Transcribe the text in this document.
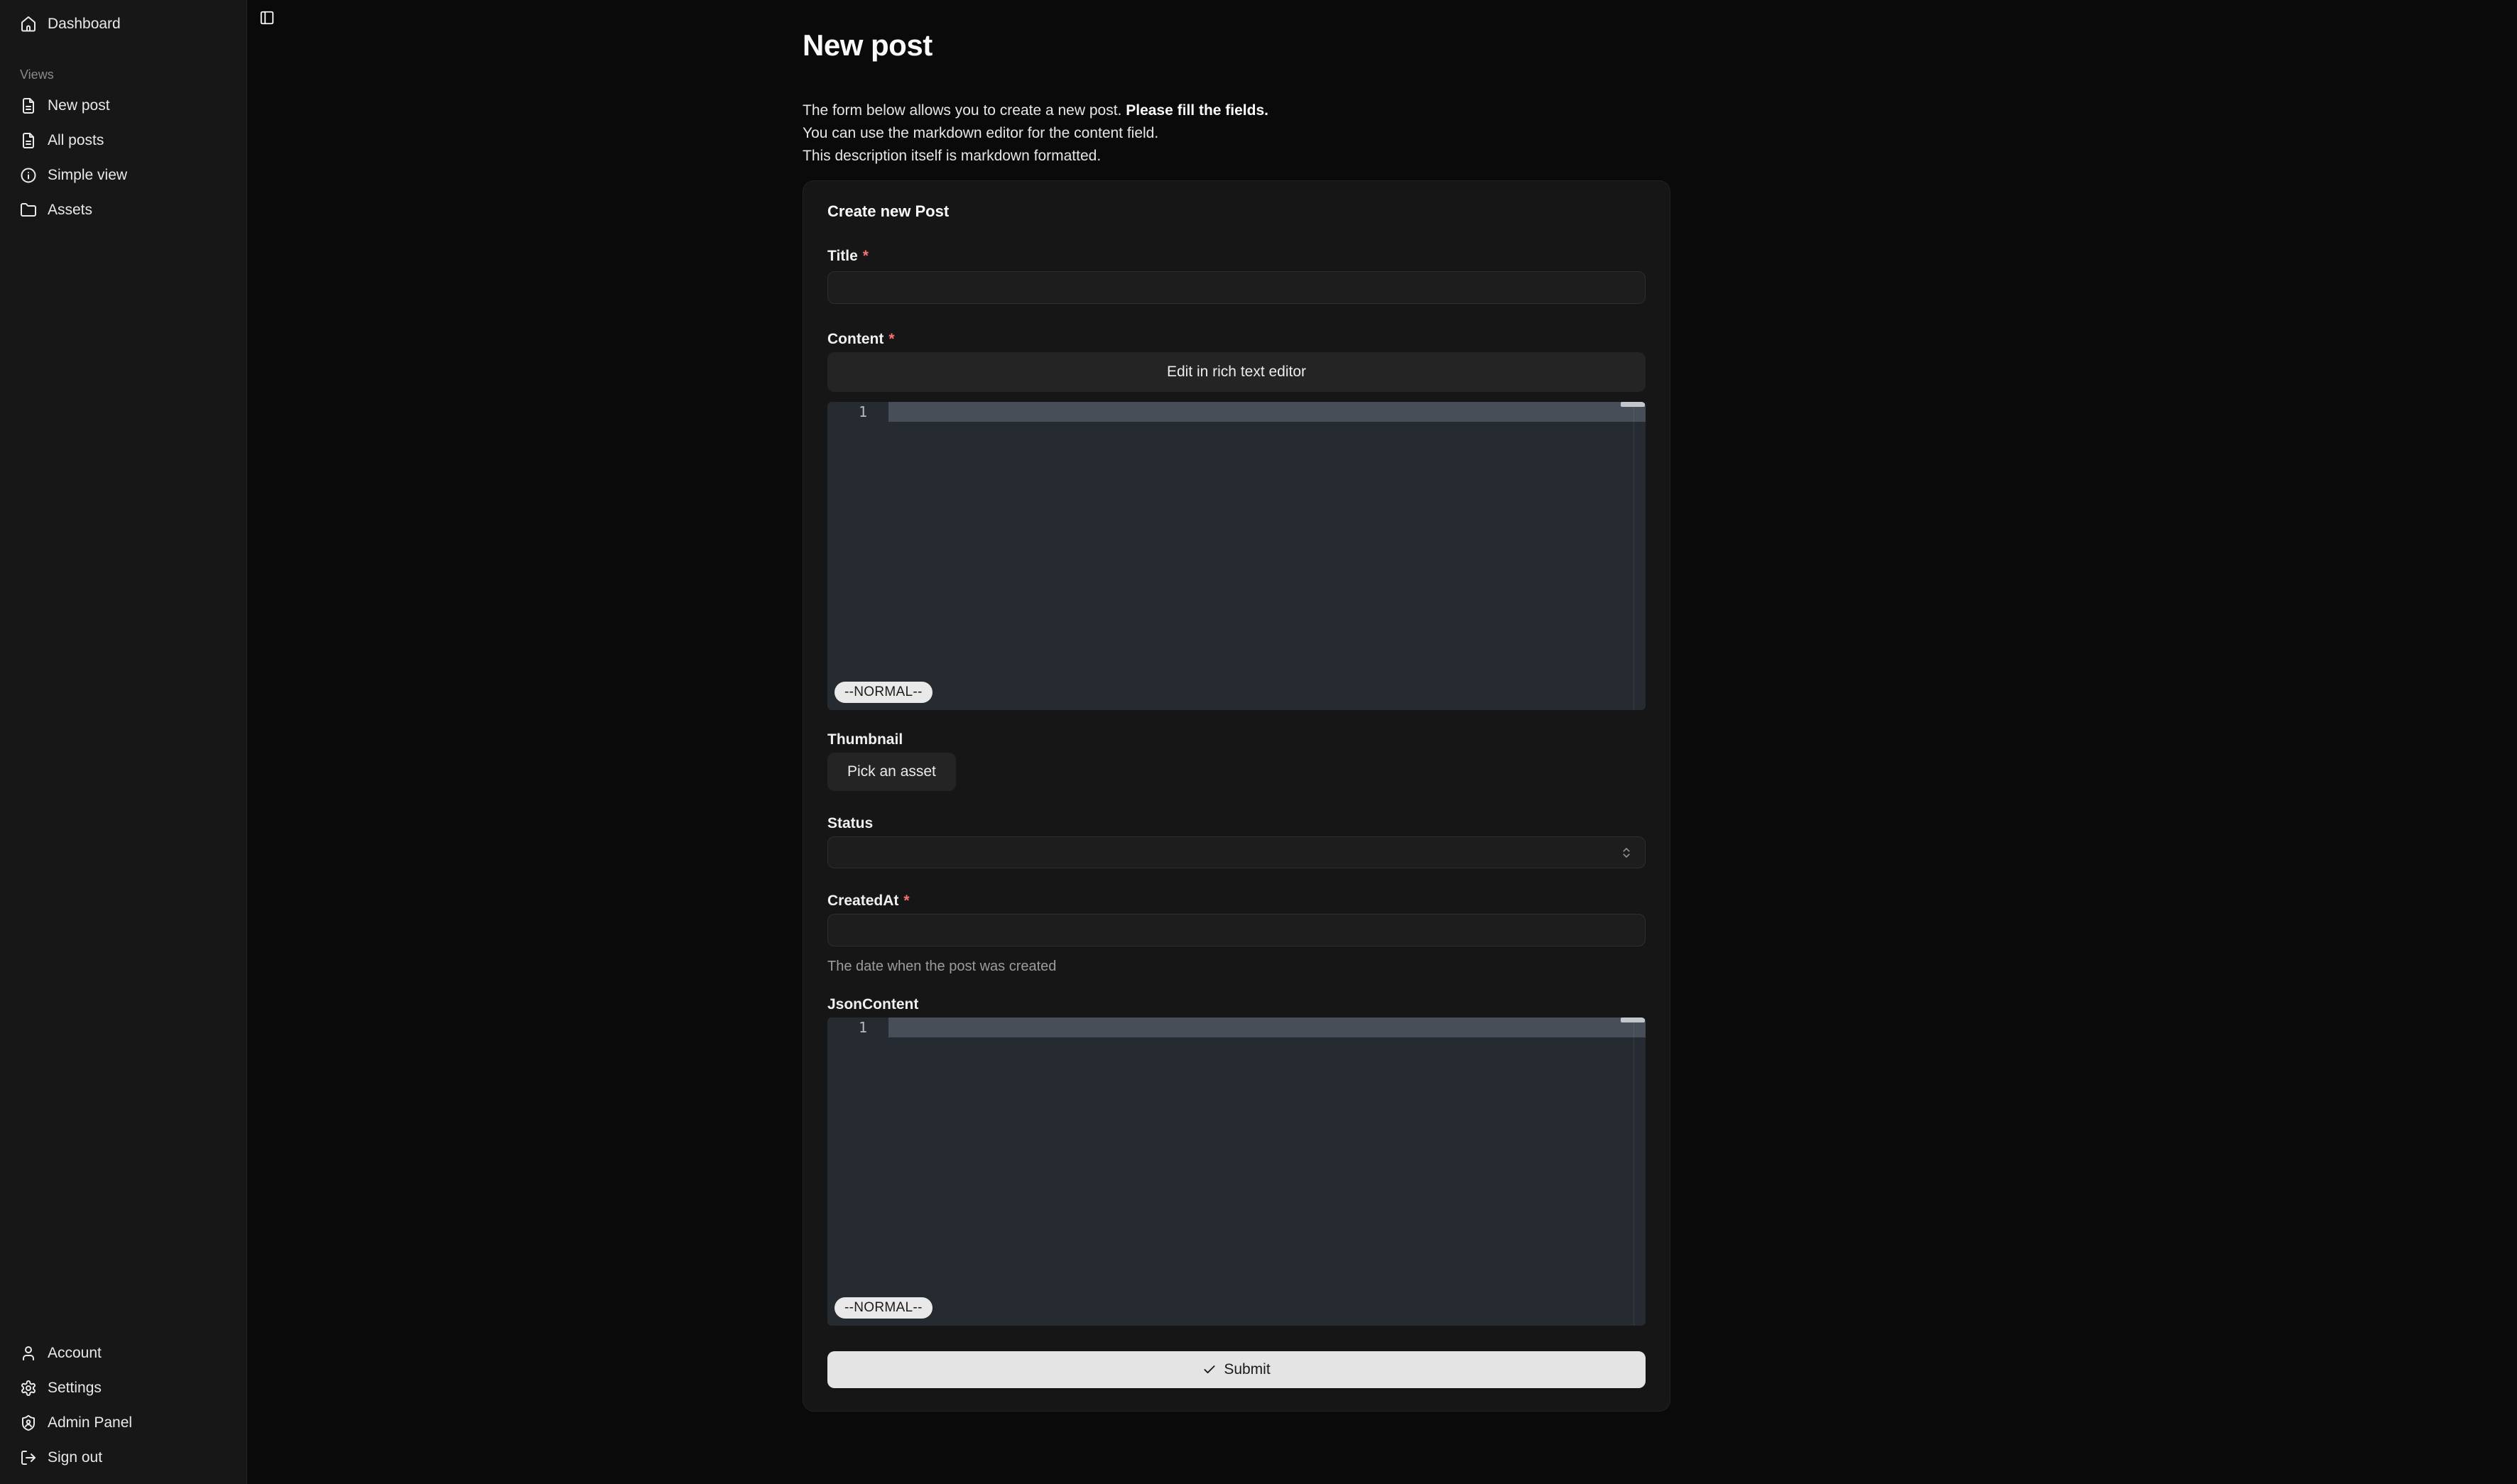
Dashboard
Views
New post
All posts
Simple view
Assets
Account
Settings
Admin Panel
Sign out
New post

The form below allows you to create a new post. Please fill the fields.

You can use the markdown editor for the content field.

This description itself is markdown formatted.

Create new Post
Title *
Content *
Edit in rich text editor
1
--NORMAL--
Thumbnail
Pick an asset
Status
CreatedAt *
The date when the post was created
JsonContent
1
--NORMAL--
Submit
